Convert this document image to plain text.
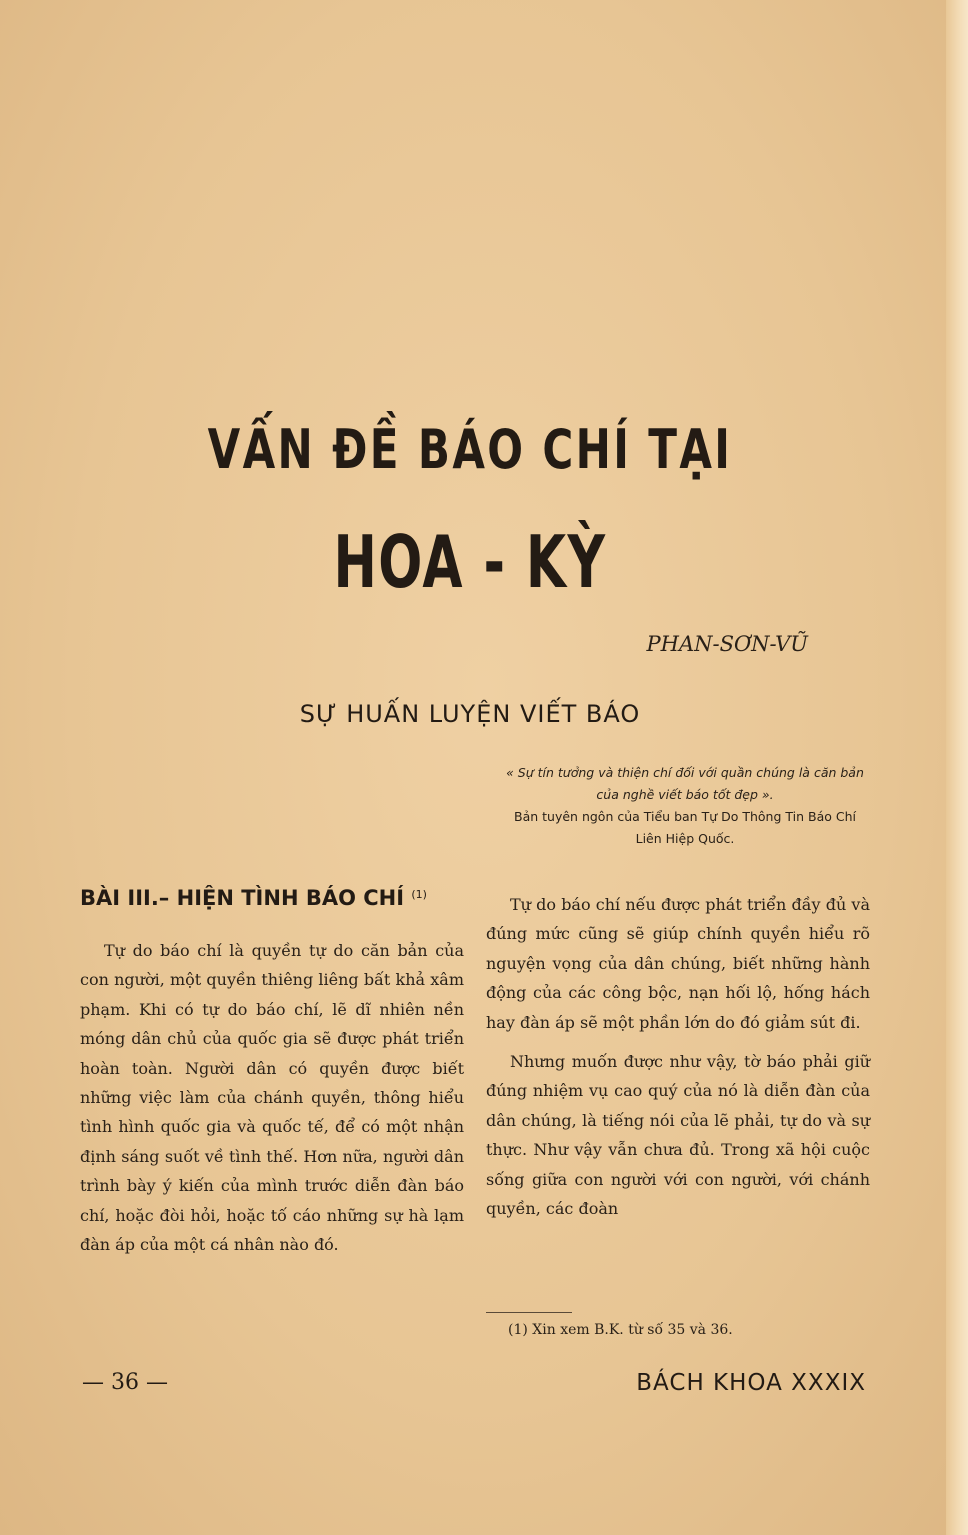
VẤN ĐỀ BÁO CHÍ TẠI
HOA - KỲ
PHAN-SƠN-VŨ
SỰ HUẤN LUYỆN VIẾT BÁO
« Sự tín tưởng và thiện chí đối với quần chúng là căn bản của nghề viết báo tốt đẹp ».
Bản tuyên ngôn của Tiểu ban Tự Do Thông Tin Báo Chí Liên Hiệp Quốc.
BÀI III.– HIỆN TÌNH BÁO CHÍ $^{(1)}$

Tự do báo chí là quyền tự do căn bản của con người, một quyền thiêng liêng bất khả xâm phạm. Khi có tự do báo chí, lẽ dĩ nhiên nền móng dân chủ của quốc gia sẽ được phát triển hoàn toàn. Người dân có quyền được biết những việc làm của chánh quyền, thông hiểu tình hình quốc gia và quốc tế, để có một nhận định sáng suốt về tình thế. Hơn nữa, người dân trình bày ý kiến của mình trước diễn đàn báo chí, hoặc đòi hỏi, hoặc tố cáo những sự hà lạm đàn áp của một cá nhân nào đó.

Tự do báo chí nếu được phát triển đầy đủ và đúng mức cũng sẽ giúp chính quyền hiểu rõ nguyện vọng của dân chúng, biết những hành động của các công bộc, nạn hối lộ, hống hách hay đàn áp sẽ một phần lớn do đó giảm sút đi.

Nhưng muốn được như vậy, tờ báo phải giữ đúng nhiệm vụ cao quý của nó là diễn đàn của dân chúng, là tiếng nói của lẽ phải, tự do và sự thực. Như vậy vẫn chưa đủ. Trong xã hội cuộc sống giữa con người với con người, với chánh quyền, các đoàn

(1) Xin xem B.K. từ số 35 và 36.
— 36 —	BÁCH KHOA XXXIX
